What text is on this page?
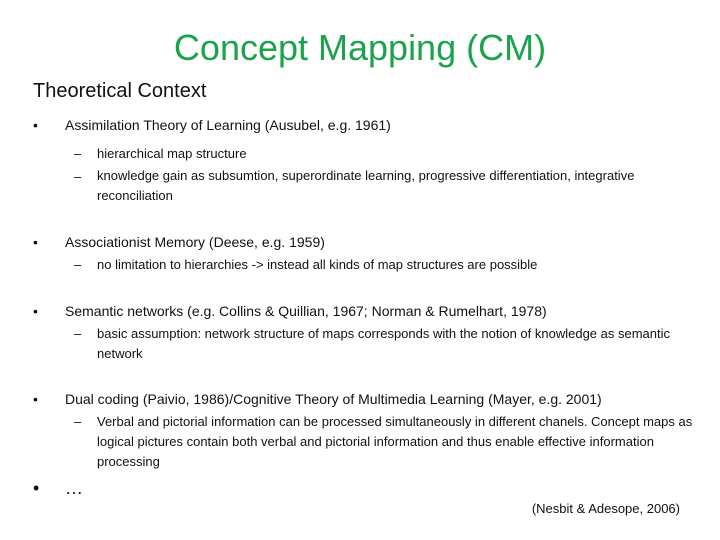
Concept Mapping (CM)
Theoretical Context
• Assimilation Theory of Learning (Ausubel, e.g. 1961)
– hierarchical map structure
– knowledge gain as subsumtion, superordinate learning, progressive differentiation, integrative reconciliation
• Associationist Memory (Deese, e.g. 1959)
– no limitation to hierarchies -> instead all kinds of map structures are possible
• Semantic networks (e.g. Collins & Quillian, 1967; Norman & Rumelhart, 1978)
– basic assumption: network structure of maps corresponds with the notion of knowledge as semantic network
• Dual coding (Paivio, 1986)/Cognitive Theory of Multimedia Learning (Mayer, e.g. 2001)
– Verbal and pictorial information can be processed simultaneously in different chanels. Concept maps as logical pictures contain both verbal and pictorial information and thus enable effective information processing
• …
(Nesbit & Adesope, 2006)
